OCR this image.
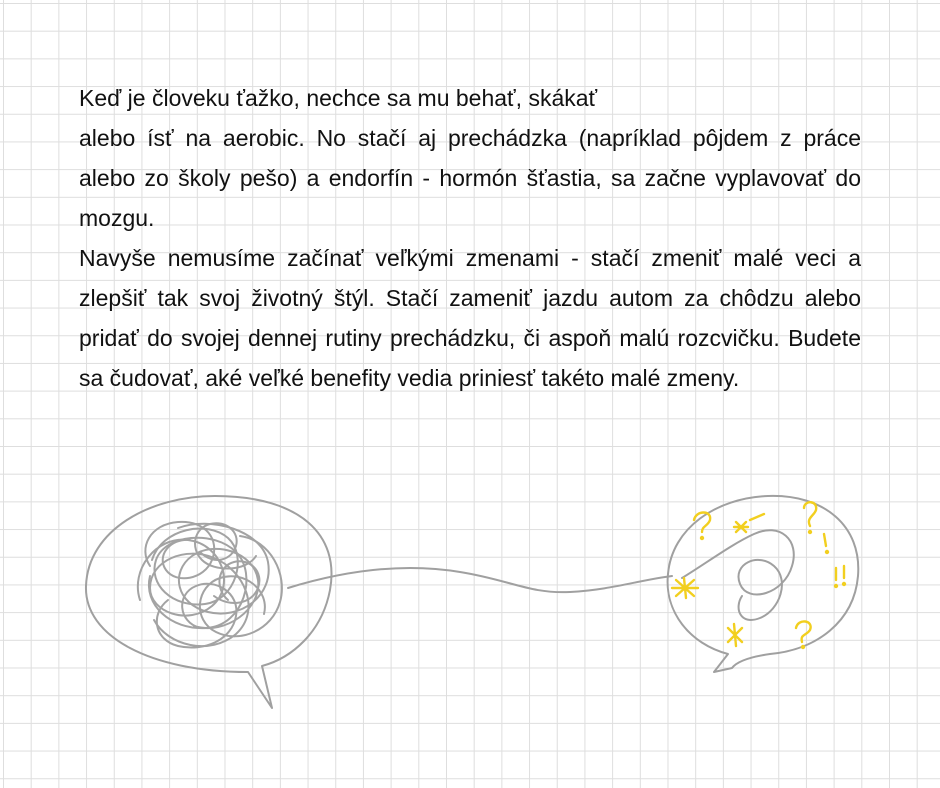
Keď je človeku ťažko, nechce sa mu behať, skákať

alebo ísť na aerobic. No stačí aj prechádzka (napríklad pôjdem z práce alebo zo školy pešo) a endorfín - hormón šťastia, sa začne vyplavovať do mozgu.

Navyše nemusíme začínať veľkými zmenami - stačí zmeniť malé veci a zlepšiť tak svoj životný štýl. Stačí zameniť jazdu autom za chôdzu alebo pridať do svojej dennej rutiny prechádzku, či aspoň malú rozcvičku. Budete sa čudovať, aké veľké benefity vedia priniesť takéto malé zmeny.
